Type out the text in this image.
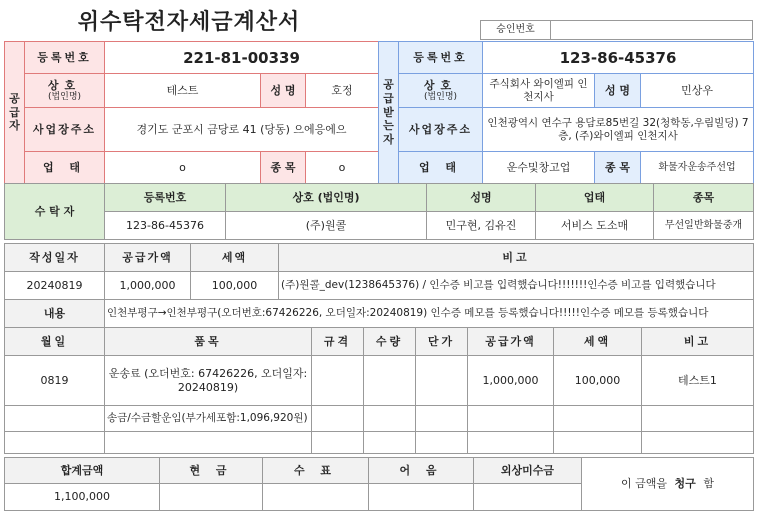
위수탁전자세금계산서	승인번호	
공급자	등록번호	221-81-00339		

	상호
(법인명)	테스트	성 명	호정
	사업장주소	경기도 군포시 금당로 41 (당동) 으에응에으		
	업 태	o	종 목	o
공급받는자	등록번호	123-86-45376		

	상호
(법인명)	주식회사 와이엘피 인천지사	성 명	민상우
	사업장주소	인천광역시 연수구 용담로85번길 32(청학동,우림빌딩) 7층, (주)와이엘피 인천지사		
	업 태	운수및창고업	종 목	화물자운송주선업
수 탁 자	등록번호	상호 (법인명)	성명	업태	종목
	123-86-45376	(주)원콜	민구현, 김유진	서비스 도소매	무선일반화물중개
작성일자	공급가액	세액	비고
20240819	1,000,000	100,000	(주)원콜_dev(1238645376) / 인수증 비고를 입력했습니다!!!!!!!인수증 비고를 입력했습니다
내용	인천부평구→인천부평구(오더번호:67426226, 오더일자:20240819) 인수증 메모를 등록했습니다!!!!!인수증 메모를 등록했습니다		
월일	품목	규격	수량	단가	공급가액	세액	비고
0819	운송료 (오더번호: 67426226, 오더일자: 20240819)				1,000,000	100,000	테스트1
	송금/수금할운임(부가세포함:1,096,920원)						

합계금액	현 금	수 표	어 음	외상미수금	이 금액을 청구 함
1,100,000					
